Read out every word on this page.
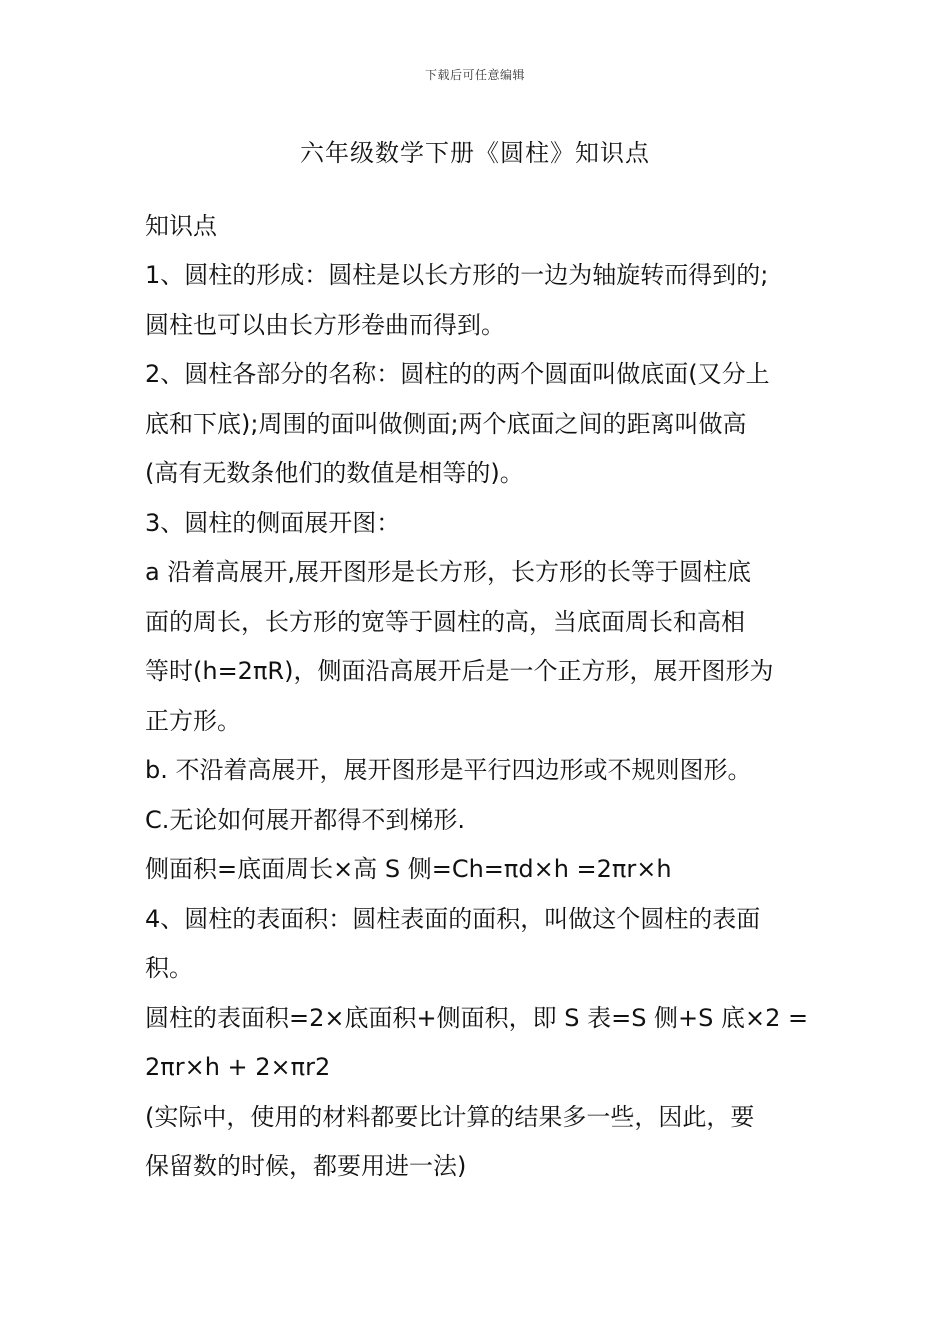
下载后可任意编辑
六年级数学下册《圆柱》知识点
知识点
1、圆柱的形成：圆柱是以长方形的一边为轴旋转而得到的;
圆柱也可以由长方形卷曲而得到。
2、圆柱各部分的名称：圆柱的的两个圆面叫做底面(又分上
底和下底);周围的面叫做侧面;两个底面之间的距离叫做高
(高有无数条他们的数值是相等的)。
3、圆柱的侧面展开图：
a 沿着高展开,展开图形是长方形，长方形的长等于圆柱底
面的周长，长方形的宽等于圆柱的高，当底面周长和高相
等时(h=2πR)，侧面沿高展开后是一个正方形，展开图形为
正方形。
b. 不沿着高展开，展开图形是平行四边形或不规则图形。
C.无论如何展开都得不到梯形.
侧面积=底面周长×高 S 侧=Ch=πd×h =2πr×h
4、圆柱的表面积：圆柱表面的面积，叫做这个圆柱的表面
积。
圆柱的表面积=2×底面积+侧面积，即 S 表=S 侧+S 底×2 =
2πr×h + 2×πr2
(实际中，使用的材料都要比计算的结果多一些，因此，要
保留数的时候，都要用进一法)
